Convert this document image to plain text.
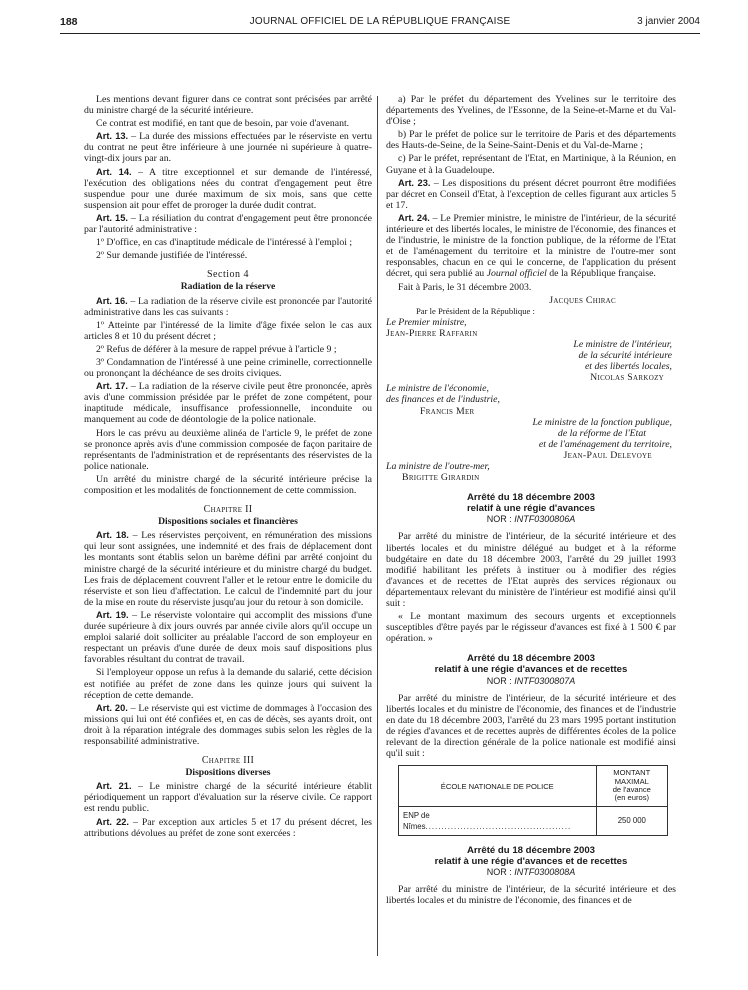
188	JOURNAL OFFICIEL DE LA RÉPUBLIQUE FRANÇAISE	3 janvier 2004

Les mentions devant figurer dans ce contrat sont précisées par arrêté du ministre chargé de la sécurité intérieure.

Ce contrat est modifié, en tant que de besoin, par voie d'avenant.

Art. 13. – La durée des missions effectuées par le réserviste en vertu du contrat ne peut être inférieure à une journée ni supérieure à quatre-vingt-dix jours par an.

Art. 14. – A titre exceptionnel et sur demande de l'intéressé, l'exécution des obligations nées du contrat d'engagement peut être suspendue pour une durée maximum de six mois, sans que cette suspension ait pour effet de proroger la durée dudit contrat.

Art. 15. – La résiliation du contrat d'engagement peut être prononcée par l'autorité administrative :

1º D'office, en cas d'inaptitude médicale de l'intéressé à l'emploi ;

2º Sur demande justifiée de l'intéressé.

Section 4
Radiation de la réserve

Art. 16. – La radiation de la réserve civile est prononcée par l'autorité administrative dans les cas suivants :

1º Atteinte par l'intéressé de la limite d'âge fixée selon le cas aux articles 8 et 10 du présent décret ;

2º Refus de déférer à la mesure de rappel prévue à l'article 9 ;

3º Condamnation de l'intéressé à une peine criminelle, correctionnelle ou prononçant la déchéance de ses droits civiques.

Art. 17. – La radiation de la réserve civile peut être prononcée, après avis d'une commission présidée par le préfet de zone compétent, pour inaptitude médicale, insuffisance professionnelle, inconduite ou manquement au code de déontologie de la police nationale.

Hors le cas prévu au deuxième alinéa de l'article 9, le préfet de zone se prononce après avis d'une commission composée de façon paritaire de représentants de l'administration et de représentants des réservistes de la police nationale.

Un arrêté du ministre chargé de la sécurité intérieure précise la composition et les modalités de fonctionnement de cette commission.

Chapitre II
Dispositions sociales et financières

Art. 18. – Les réservistes perçoivent, en rémunération des missions qui leur sont assignées, une indemnité et des frais de déplacement dont les montants sont établis selon un barème défini par arrêté conjoint du ministre chargé de la sécurité intérieure et du ministre chargé du budget. Les frais de déplacement couvrent l'aller et le retour entre le domicile du réserviste et son lieu d'affectation. Le calcul de l'indemnité part du jour de la mise en route du réserviste jusqu'au jour du retour à son domicile.

Art. 19. – Le réserviste volontaire qui accomplit des missions d'une durée supérieure à dix jours ouvrés par année civile alors qu'il occupe un emploi salarié doit solliciter au préalable l'accord de son employeur en respectant un préavis d'une durée de deux mois sauf dispositions plus favorables résultant du contrat de travail.

Si l'employeur oppose un refus à la demande du salarié, cette décision est notifiée au préfet de zone dans les quinze jours qui suivent la réception de cette demande.

Art. 20. – Le réserviste qui est victime de dommages à l'occasion des missions qui lui ont été confiées et, en cas de décès, ses ayants droit, ont droit à la réparation intégrale des dommages subis selon les règles de la responsabilité administrative.

Chapitre III
Dispositions diverses

Art. 21. – Le ministre chargé de la sécurité intérieure établit périodiquement un rapport d'évaluation sur la réserve civile. Ce rapport est rendu public.

Art. 22. – Par exception aux articles 5 et 17 du présent décret, les attributions dévolues au préfet de zone sont exercées :

a) Par le préfet du département des Yvelines sur le territoire des départements des Yvelines, de l'Essonne, de la Seine-et-Marne et du Val-d'Oise ;

b) Par le préfet de police sur le territoire de Paris et des départements des Hauts-de-Seine, de la Seine-Saint-Denis et du Val-de-Marne ;

c) Par le préfet, représentant de l'Etat, en Martinique, à la Réunion, en Guyane et à la Guadeloupe.

Art. 23. – Les dispositions du présent décret pourront être modifiées par décret en Conseil d'Etat, à l'exception de celles figurant aux articles 5 et 17.

Art. 24. – Le Premier ministre, le ministre de l'intérieur, de la sécurité intérieure et des libertés locales, le ministre de l'économie, des finances et de l'industrie, le ministre de la fonction publique, de la réforme de l'Etat et de l'aménagement du territoire et la ministre de l'outre-mer sont responsables, chacun en ce qui le concerne, de l'application du présent décret, qui sera publié au Journal officiel de la République française.

Fait à Paris, le 31 décembre 2003.

Jacques Chirac
Par le Président de la République :
Le Premier ministre,
Jean-Pierre Raffarin
Le ministre de l'intérieur,
de la sécurité intérieure
et des libertés locales,
Nicolas Sarkozy
Le ministre de l'économie,
des finances et de l'industrie,
Francis Mer
Le ministre de la fonction publique,
de la réforme de l'Etat
et de l'aménagement du territoire,
Jean-Paul Delevoye
La ministre de l'outre-mer,
Brigitte Girardin
Arrêté du 18 décembre 2003
relatif à une régie d'avances
NOR : INTF0300806A

Par arrêté du ministre de l'intérieur, de la sécurité intérieure et des libertés locales et du ministre délégué au budget et à la réforme budgétaire en date du 18 décembre 2003, l'arrêté du 29 juillet 1993 modifié habilitant les préfets à instituer ou à modifier des régies d'avances et de recettes de l'Etat auprès des services régionaux ou départementaux relevant du ministère de l'intérieur est modifié ainsi qu'il suit :

« Le montant maximum des secours urgents et exceptionnels susceptibles d'être payés par le régisseur d'avances est fixé à 1 500 € par opération. »

Arrêté du 18 décembre 2003
relatif à une régie d'avances et de recettes
NOR : INTF0300807A

Par arrêté du ministre de l'intérieur, de la sécurité intérieure et des libertés locales et du ministre de l'économie, des finances et de l'industrie en date du 18 décembre 2003, l'arrêté du 23 mars 1995 portant institution de régies d'avances et de recettes auprès de différentes écoles de la police relevant de la direction générale de la police nationale est modifié ainsi qu'il suit :

ÉCOLE NATIONALE DE POLICE	MONTANT MAXIMAL
de l'avance
(en euros)

ENP de Nîmes..............................................	250 000
Arrêté du 18 décembre 2003
relatif à une régie d'avances et de recettes
NOR : INTF0300808A

Par arrêté du ministre de l'intérieur, de la sécurité intérieure et des libertés locales et du ministre de l'économie, des finances et de
